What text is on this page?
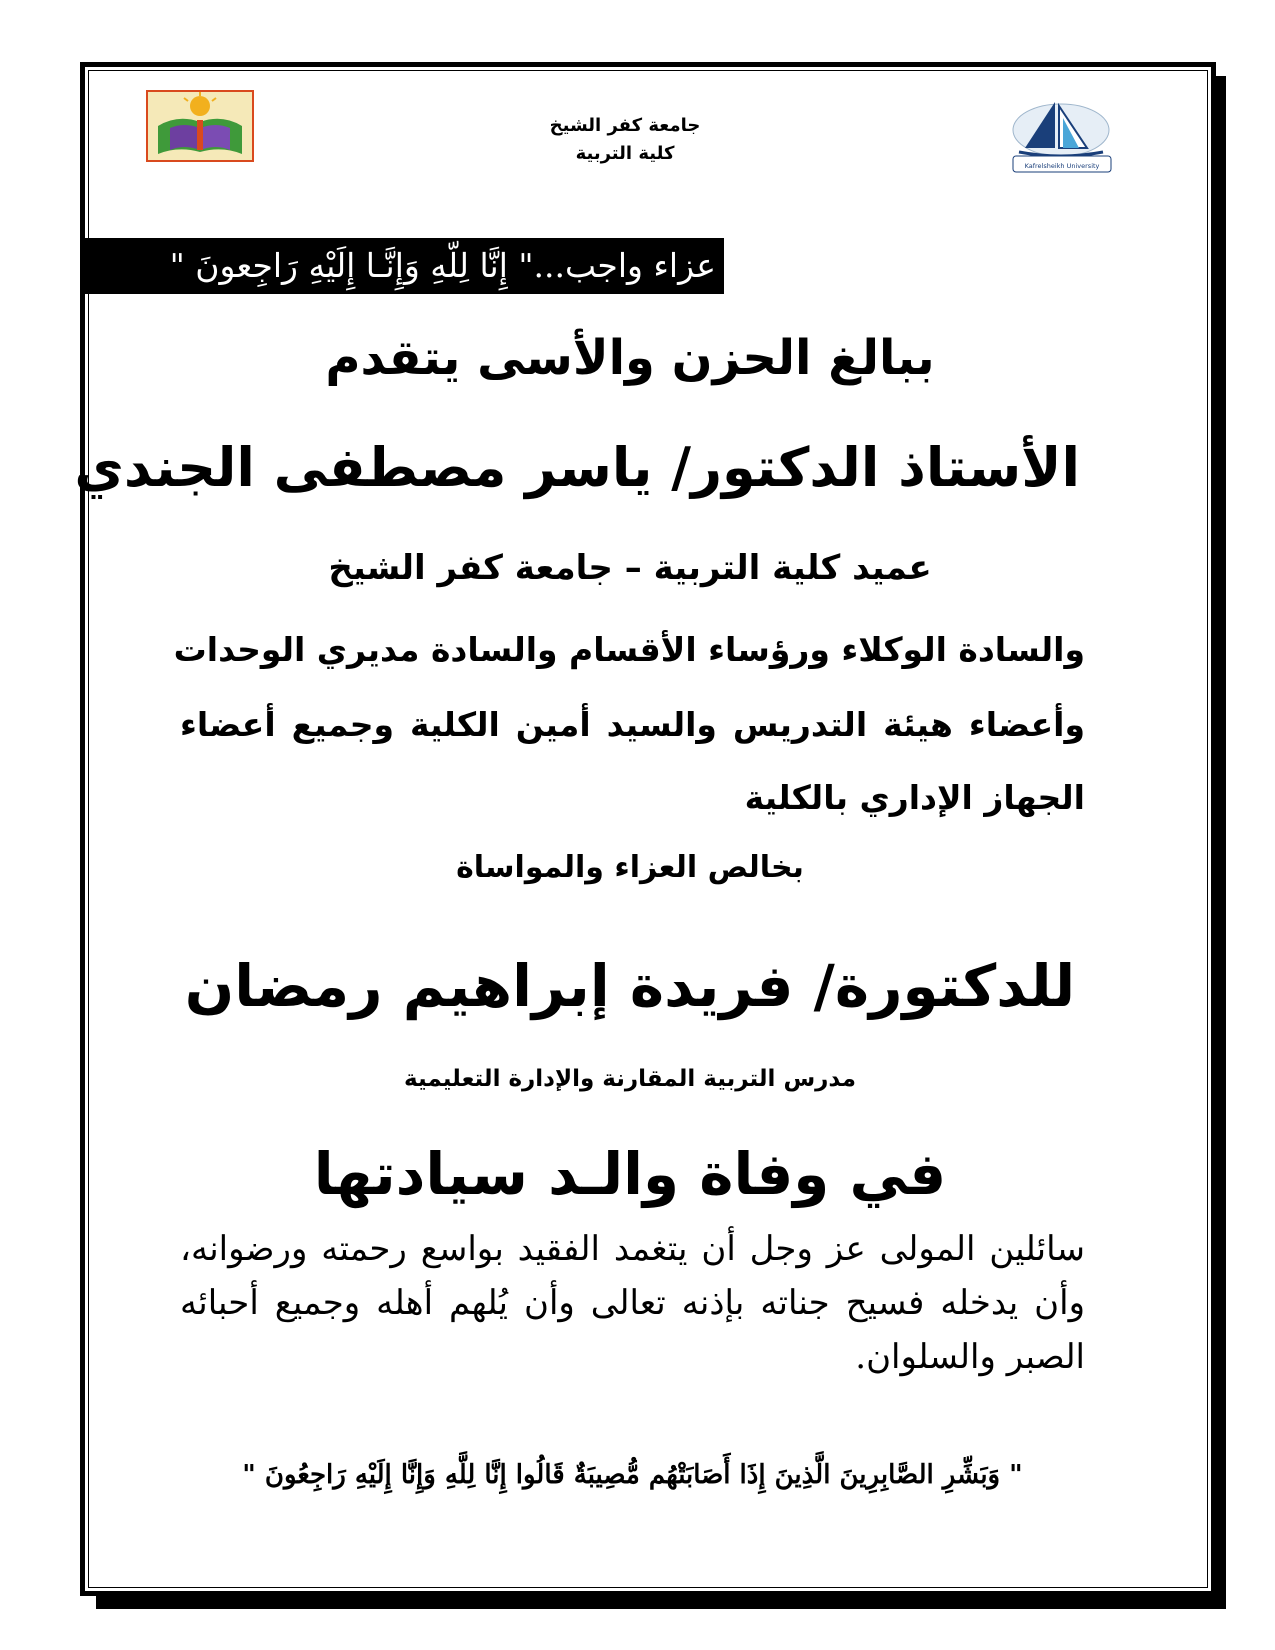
Kafrelsheikh University
جامعة كفر الشيخ
كلية التربية
عزاء واجب..." إِنَّا لِلّهِ وَإِنَّـا إِلَيْهِ رَاجِعونَ "
ببالغ الحزن والأسى يتقدم
الأستاذ الدكتور/ ياسر مصطفى الجندي
عميد كلية التربية – جامعة كفر الشيخ
والسادة الوكلاء ورؤساء الأقسام والسادة مديري الوحدات
وأعضاء هيئة التدريس والسيد أمين الكلية وجميع أعضاء
الجهاز الإداري بالكلية
بخالص العزاء والمواساة
للدكتورة/ فريدة إبراهيم رمضان
مدرس التربية المقارنة والإدارة التعليمية
في وفاة والـد سيادتها
سائلين المولى عز وجل أن يتغمد الفقيد بواسع رحمته ورضوانه، وأن يدخله فسيح جناته بإذنه تعالى وأن يُلهم أهله وجميع أحبائه الصبر والسلوان.
" وَبَشِّرِ الصَّابِرِينَ الَّذِينَ إِذَا أَصَابَتْهُم مُّصِيبَةٌ قَالُوا إِنَّا لِلَّهِ وَإِنَّا إِلَيْهِ رَاجِعُونَ "
